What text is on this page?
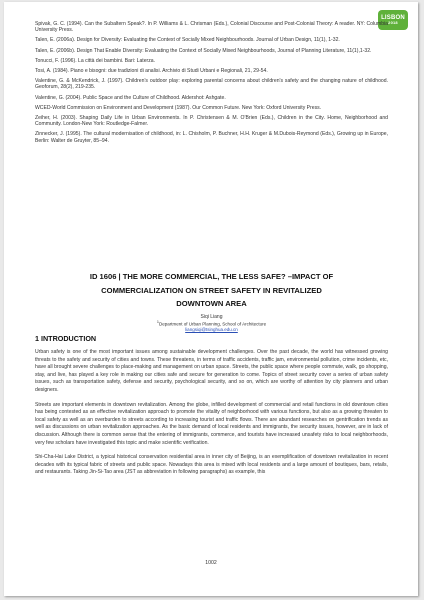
LISBON
2018

Spivak, G. C. (1994). Can the Subaltern Speak?. In P. Williams & L. Chrisman (Eds.), Colonial Discourse and Post-Colonial Theory: A reader. NY: Columbia University Press.

Talen, E. (2006a). Design for Diversity: Evaluating the Context of Socially Mixed Neighbourhoods. Journal of Urban Design, 11(1), 1-32.

Talen, E. (2006b). Design That Enable Diversity: Evaluating the Context of Socially Mixed Neighbourhoods, Journal of Planning Literature, 11(1),1-32.

Tonucci, F. (1996). La città dei bambini. Bari: Laterza.

Tosi, A. (1984). Piano e bisogni: due tradizioni di analisi. Archivio di Studi Urbani e Regionali, 21, 29-54.

Valentine, G. & McKendrick, J. (1997). Children's outdoor play: exploring parental concerns about children's safety and the changing nature of childhood. Geoforum, 28(2), 219-235.

Valentine, G. (2004). Public Space and the Culture of Childhood. Aldershot: Ashgate.

WCED-World Commission on Environment and Development (1987). Our Common Future. New York: Oxford University Press.

Zeiher, H. (2003). Shaping Daily Life in Urban Environments. In P. Christensen & M. O'Brien (Eds.), Children in the City. Home, Neighborhood and Community. London-New York: Routledge-Falmer.

Zinnecker, J. (1995). The cultural modernisation of childhood, in: L. Chisholm, P. Buchner, H.H. Kruger & M.Dubois-Reymond (Eds.), Growing up in Europe, Berlin: Walter de Gruyter, 85–94.

ID 1606 | THE MORE COMMERCIAL, THE LESS SAFE? –IMPACT OF
COMMERCIALIZATION ON STREET SAFETY IN REVITALIZED
DOWNTOWN AREA
Siqi Liang
$^1$Department of Urban Planning, School of Architecture
liangsiqi@tsinghua.edu.cn
1 INTRODUCTION

Urban safety is one of the most important issues among sustainable development challenges. Over the past decade, the world has witnessed growing threats to the safety and security of cities and towns. These threatens, in terms of traffic accidents, traffic jam, environmental pollution, crime incidents, etc, have all brought severe challenges to place-making and management on urban space. Streets, the public space where people commute, walk, go shopping, stay, and live, has played a key role in making our cities safe and secure for generation to come. Topics of street security cover a series of urban safety issues, such as transportation safety, defense and security, psychological security, and so on, which are worthy of attention by city planners and urban designers.

Streets are important elements in downtown revitalization. Among the globe, infilled development of commercial and retail functions in old downtown cities has being contested as an effective revitalization approach to promote the vitality of neighborhood with various functions, but also as a growing threaten to local safety as well as an overburden to streets according to increasing tourist and traffic flows. There are abundant researches on gentrification trends as well as discussions on urban revitalization approaches. As the basic demand of local residents and immigrants, the security issues, however, are in lack of discussion. Although there is common sense that the entering of immigrants, commerce, and tourists have increased unsafety risks to local neighborhoods, very few scholars have investigated this topic and make scientific verification.

Shi-Cha-Hai Lake District, a typical historical conservation residential area in inner city of Beijing, is an exemplification of downtown revitalization in recent decades with its typical fabric of streets and public space. Nowadays this area is mixed with local residents and a large amount of boutiques, bars, retails, and restaurants. Taking Jin-Si-Tao area (JST as abbreviation in following paragraphs) as example, this

1002
